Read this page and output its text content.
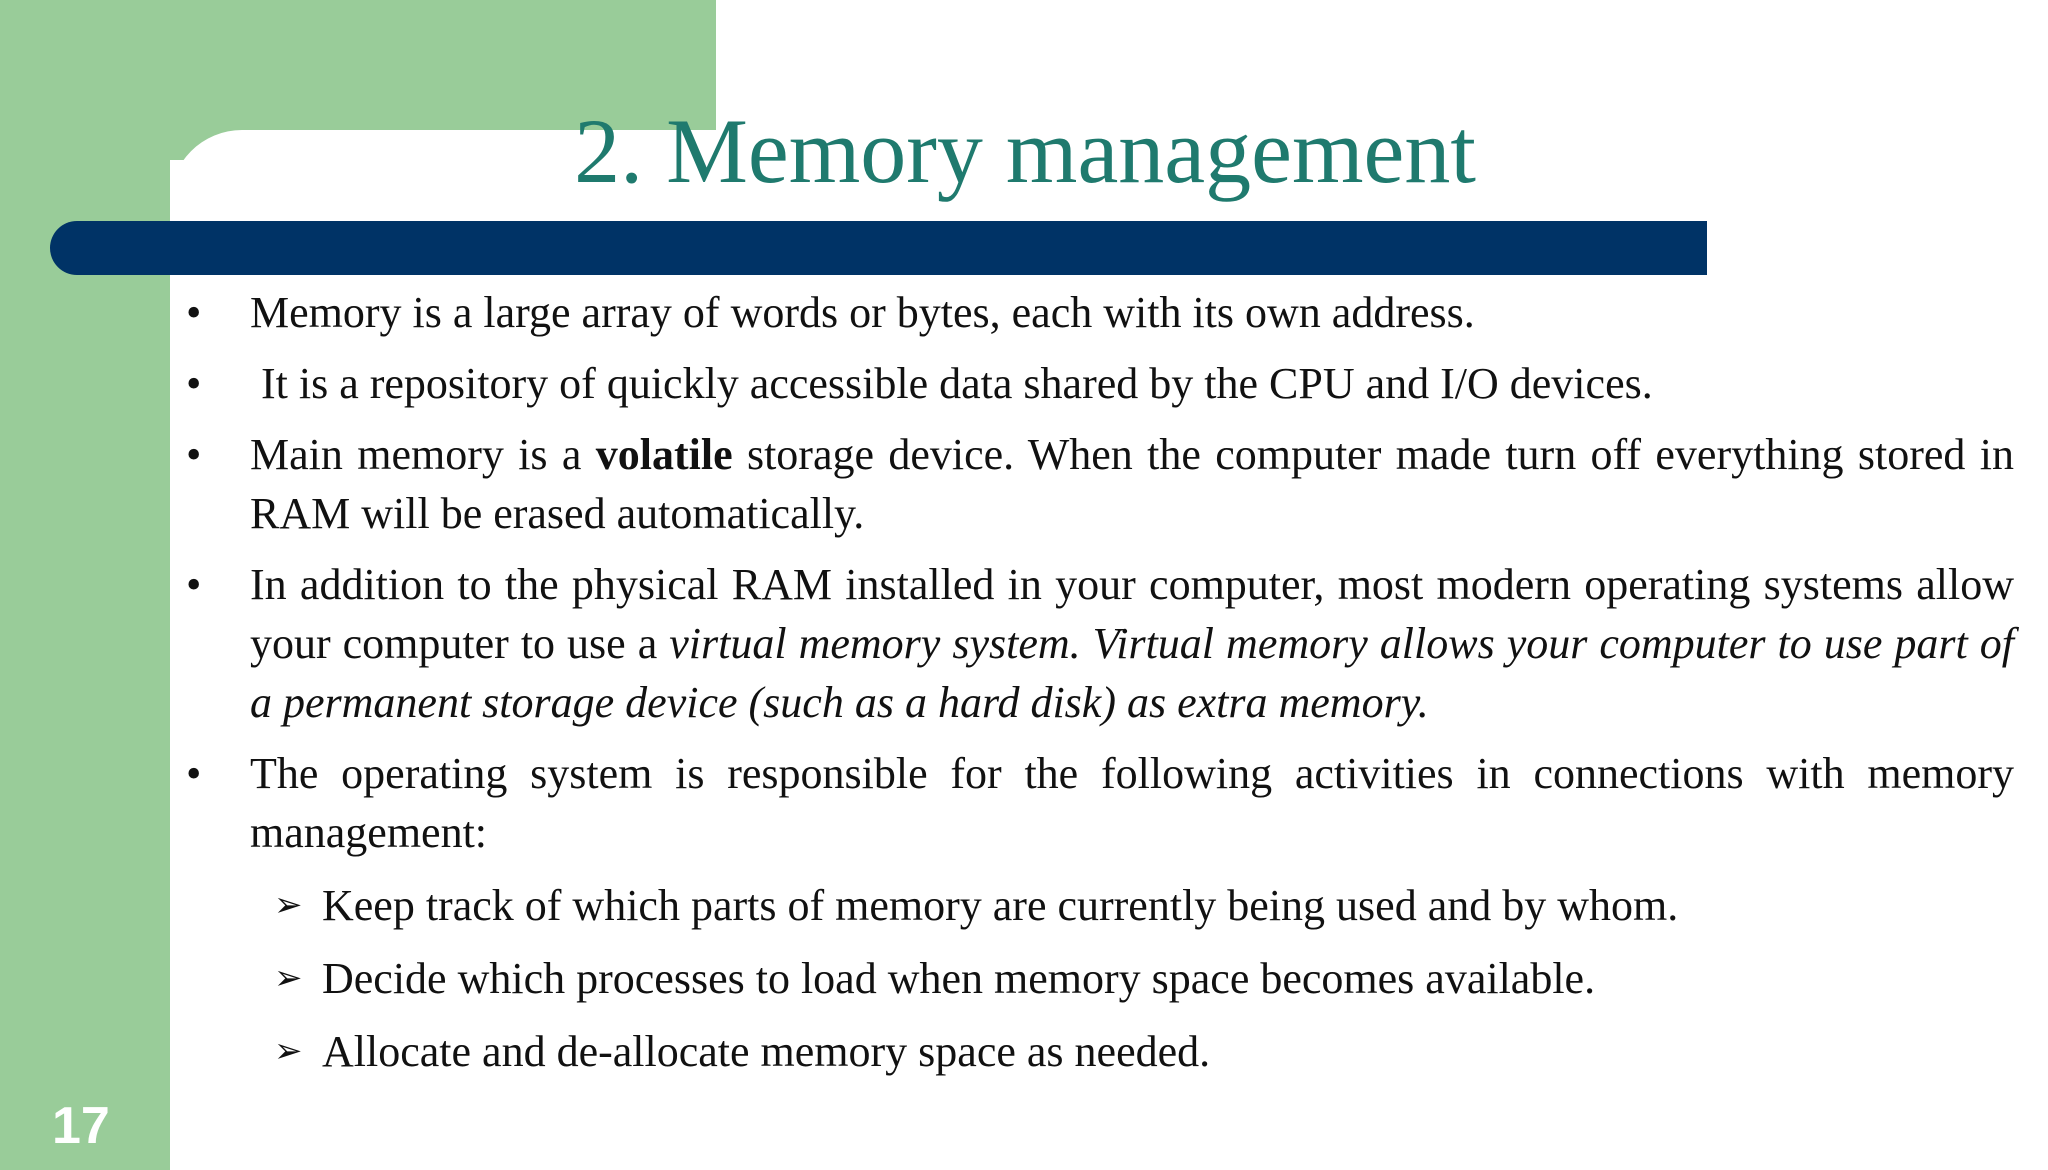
2. Memory management
• Memory is a large array of words or bytes, each with its own address.
• It is a repository of quickly accessible data shared by the CPU and I/O devices.
• Main memory is a volatile storage device. When the computer made turn off everything stored in RAM will be erased automatically.
• In addition to the physical RAM installed in your computer, most modern operating systems allow your computer to use a virtual memory system. Virtual memory allows your computer to use part of a permanent storage device (such as a hard disk) as extra memory.
• The operating system is responsible for the following activities in connections with memory management:
➢ Keep track of which parts of memory are currently being used and by whom.
➢ Decide which processes to load when memory space becomes available.
➢ Allocate and de-allocate memory space as needed.
17
